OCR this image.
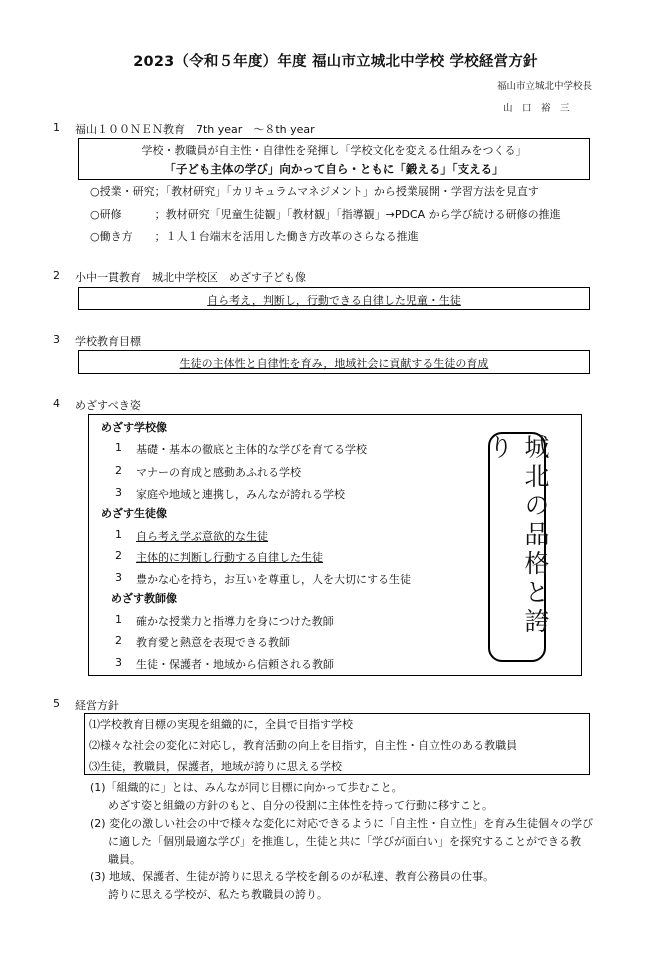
2023（令和５年度）年度 福山市立城北中学校 学校経営方針
福山市立城北中学校長
山　口　裕　三
1 福山１００ＮＥＮ教育　7th year　～８th year
学校・教職員が自主性・自律性を発揮し「学校文化を変える仕組みをつくる」
「子ども主体の学び」向かって自ら・ともに「鍛える」「支える」
○授業・研究；「教材研究」「カリキュラムマネジメント」から授業展開・学習方法を見直す
○研修　　　；教材研究「児童生徒観」「教材観」「指導観」→PDCA から学び続ける研修の推進
○働き方　　；１人１台端末を活用した働き方改革のさらなる推進
2 小中一貫教育　城北中学校区　めざす子ども像
自ら考え，判断し，行動できる自律した児童・生徒
3 学校教育目標
生徒の主体性と自律性を育み，地域社会に貢献する生徒の育成
4 めざすべき姿
めざす学校像
1 基礎・基本の徹底と主体的な学びを育てる学校
2 マナーの育成と感動あふれる学校
3 家庭や地域と連携し，みんなが誇れる学校
めざす生徒像
1 自ら考え学ぶ意欲的な生徒
2 主体的に判断し行動する自律した生徒
3 豊かな心を持ち，お互いを尊重し，人を大切にする生徒
めざす教師像
1 確かな授業力と指導力を身につけた教師
2 教育愛と熱意を表現できる教師
3 生徒・保護者・地域から信頼される教師
城北の品格と誇り
5 経営方針
⑴学校教育目標の実現を組織的に，全員で目指す学校
⑵様々な社会の変化に対応し，教育活動の向上を目指す，自主性・自立性のある教職員
⑶生徒，教職員，保護者，地域が誇りに思える学校
(1)「組織的に」とは、みんなが同じ目標に向かって歩むこと。
めざす姿と組織の方針のもと、自分の役割に主体性を持って行動に移すこと。
(2) 変化の激しい社会の中で様々な変化に対応できるように「自主性・自立性」を育み生徒個々の学び
に適した「個別最適な学び」を推進し，生徒と共に「学びが面白い」を探究することができる教
職員。
(3) 地域、保護者、生徒が誇りに思える学校を創るのが私達、教育公務員の仕事。
誇りに思える学校が、私たち教職員の誇り。
